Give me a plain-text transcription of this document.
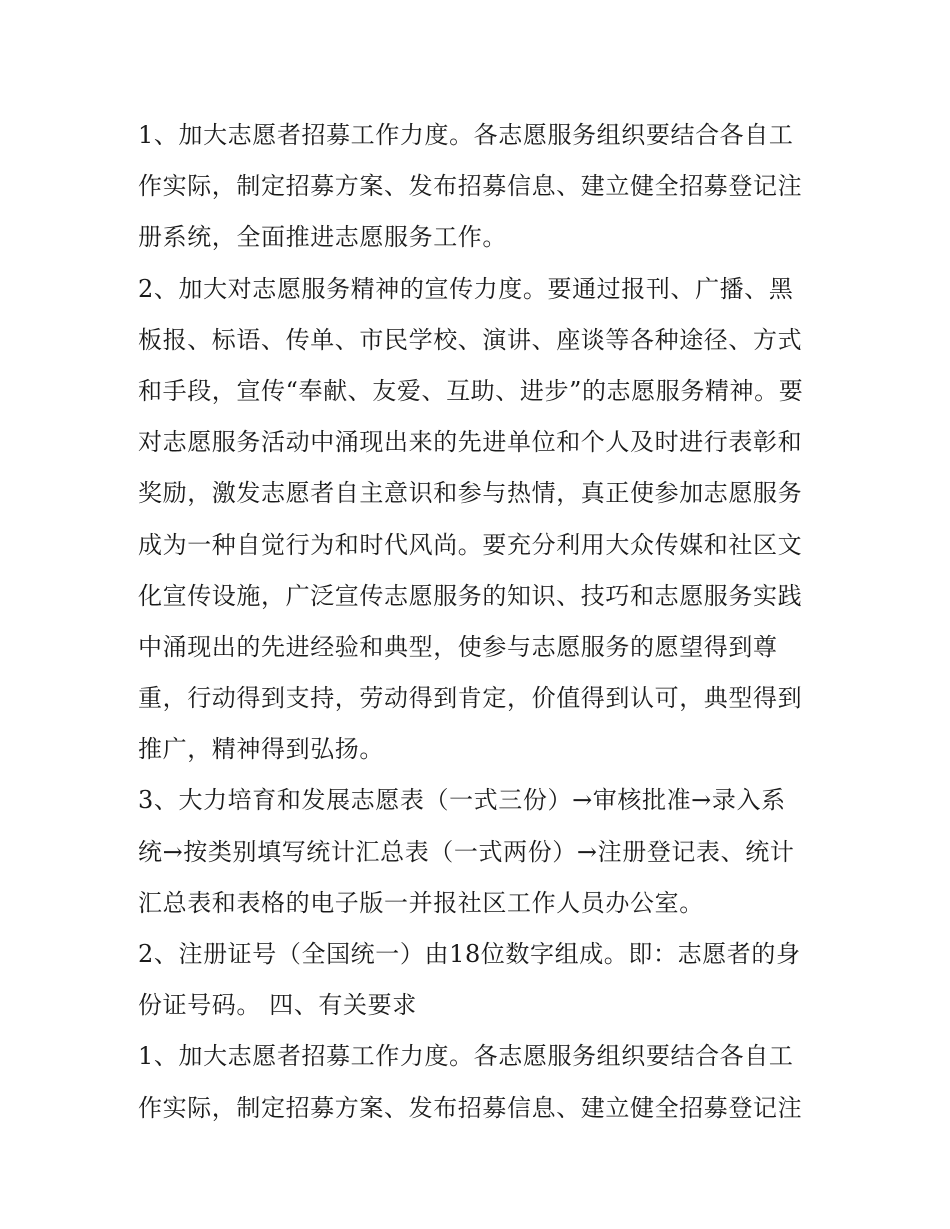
1、加大志愿者招募工作力度。各志愿服务组织要结合各自工
作实际，制定招募方案、发布招募信息、建立健全招募登记注
册系统，全面推进志愿服务工作。
2、加大对志愿服务精神的宣传力度。要通过报刊、广播、黑
板报、标语、传单、市民学校、演讲、座谈等各种途径、方式
和手段，宣传“奉献、友爱、互助、进步”的志愿服务精神。要
对志愿服务活动中涌现出来的先进单位和个人及时进行表彰和
奖励，激发志愿者自主意识和参与热情，真正使参加志愿服务
成为一种自觉行为和时代风尚。要充分利用大众传媒和社区文
化宣传设施，广泛宣传志愿服务的知识、技巧和志愿服务实践
中涌现出的先进经验和典型，使参与志愿服务的愿望得到尊
重，行动得到支持，劳动得到肯定，价值得到认可，典型得到
推广，精神得到弘扬。
3、大力培育和发展志愿表（一式三份）→审核批准→录入系
统→按类别填写统计汇总表（一式两份）→注册登记表、统计
汇总表和表格的电子版一并报社区工作人员办公室。
2、注册证号（全国统一）由18位数字组成。即：志愿者的身
份证号码。 四、有关要求
1、加大志愿者招募工作力度。各志愿服务组织要结合各自工
作实际，制定招募方案、发布招募信息、建立健全招募登记注
